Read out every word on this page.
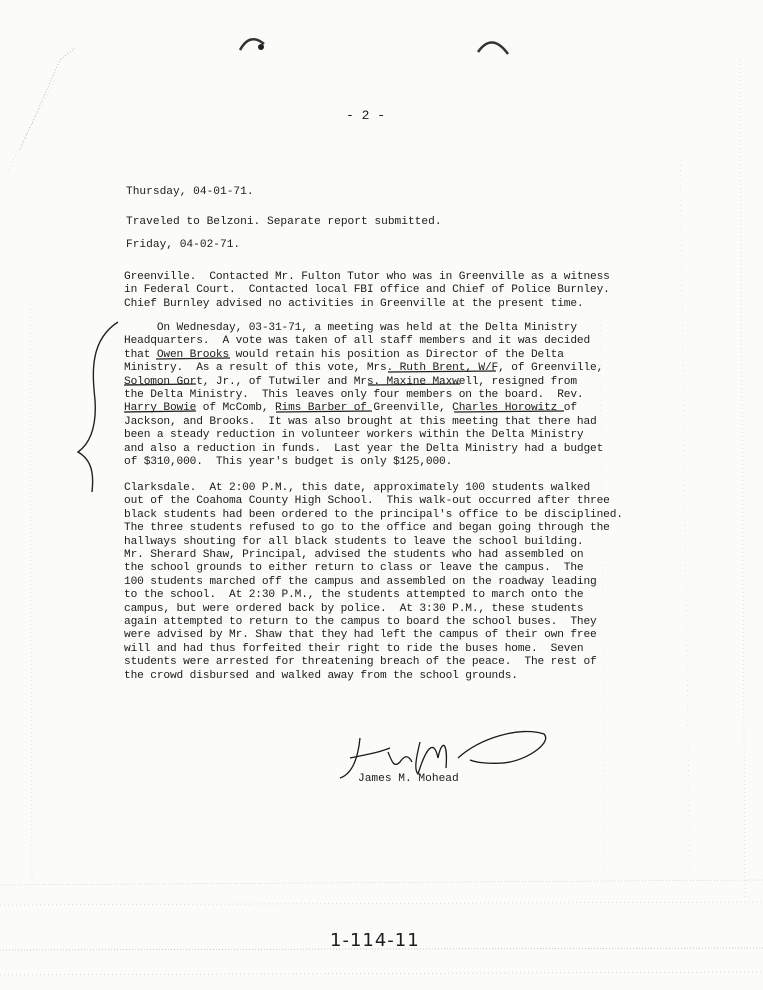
- 2 -
Thursday, 04-01-71.
Traveled to Belzoni. Separate report submitted.
Friday, 04-02-71.
Greenville.  Contacted Mr. Fulton Tutor who was in Greenville as a witness
in Federal Court.  Contacted local FBI office and Chief of Police Burnley.
Chief Burnley advised no activities in Greenville at the present time.
On Wednesday, 03-31-71, a meeting was held at the Delta Ministry
Headquarters.  A vote was taken of all staff members and it was decided
that Owen Brooks would retain his position as Director of the Delta
Ministry.  As a result of this vote, Mrs. Ruth Brent, W/F, of Greenville,
Solomon Gort, Jr., of Tutwiler and Mrs. Maxine Maxwell, resigned from
the Delta Ministry.  This leaves only four members on the board.  Rev.
Harry Bowie of McComb, Rims Barber of Greenville, Charles Horowitz of
Jackson, and Brooks.  It was also brought at this meeting that there had
been a steady reduction in volunteer workers within the Delta Ministry
and also a reduction in funds.  Last year the Delta Ministry had a budget
of $310,000.  This year's budget is only $125,000.
Clarksdale.  At 2:00 P.M., this date, approximately 100 students walked
out of the Coahoma County High School.  This walk-out occurred after three
black students had been ordered to the principal's office to be disciplined.
The three students refused to go to the office and began going through the
hallways shouting for all black students to leave the school building.
Mr. Sherard Shaw, Principal, advised the students who had assembled on
the school grounds to either return to class or leave the campus.  The
100 students marched off the campus and assembled on the roadway leading
to the school.  At 2:30 P.M., the students attempted to march onto the
campus, but were ordered back by police.  At 3:30 P.M., these students
again attempted to return to the campus to board the school buses.  They
were advised by Mr. Shaw that they had left the campus of their own free
will and had thus forfeited their right to ride the buses home.  Seven
students were arrested for threatening breach of the peace.  The rest of
the crowd disbursed and walked away from the school grounds.
James M. Mohead
James M. Mohead
1-114-11
